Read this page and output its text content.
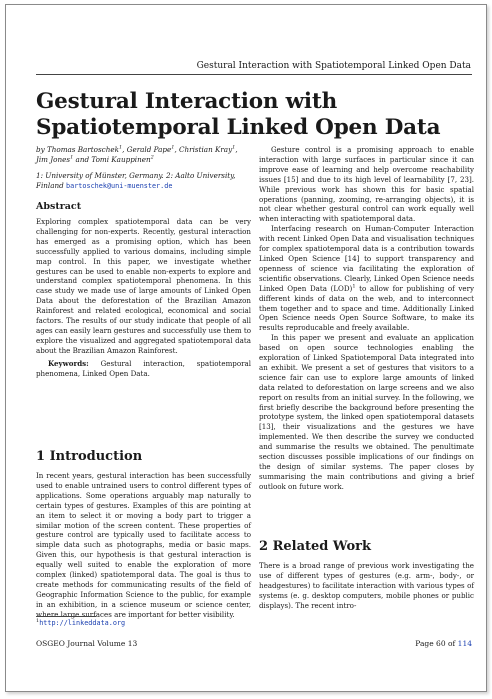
Gestural Interaction with Spatiotemporal Linked Open Data
Gestural Interaction with Spatiotemporal Linked Open Data
by Thomas Bartoschek$^1$, Gerald Pape$^1$, Christian Kray$^1$, Jim Jones$^1$ and Tomi Kauppinen$^2$
1: University of Münster, Germany. 2: Aalto University, Finland bartoschek@uni-muenster.de
Abstract

Exploring complex spatiotemporal data can be very challenging for non-experts. Recently, gestural interaction has emerged as a promising option, which has been successfully applied to various domains, including simple map control. In this paper, we investigate whether gestures can be used to enable non-experts to explore and understand complex spatiotemporal phenomena. In this case study we made use of large amounts of Linked Open Data about the deforestation of the Brazilian Amazon Rainforest and related ecological, economical and social factors. The results of our study indicate that people of all ages can easily learn gestures and successfully use them to explore the visualized and aggregated spatiotemporal data about the Brazilian Amazon Rainforest.

Keywords: Gestural interaction, spatiotemporal phenomena, Linked Open Data.

1 Introduction

In recent years, gestural interaction has been successfully used to enable untrained users to control different types of applications. Some operations arguably map naturally to certain types of gestures. Examples of this are pointing at an item to select it or moving a body part to trigger a similar motion of the screen content. These properties of gesture control are typically used to facilitate access to simple data such as photographs, media or basic maps. Given this, our hypothesis is that gestural interaction is equally well suited to enable the exploration of more complex (linked) spatiotemporal data. The goal is thus to create methods for communicating results of the field of Geographic Information Science to the public, for example in an exhibition, in a science museum or science center, where large surfaces are important for better visibility.

$^1$http://linkeddata.org

Gesture control is a promising approach to enable interaction with large surfaces in particular since it can improve ease of learning and help overcome reachability issues [15] and due to its high level of learnability [7, 23]. While previous work has shown this for basic spatial operations (panning, zooming, re-arranging objects), it is not clear whether gestural control can work equally well when interacting with spatiotemporal data.

Interfacing research on Human-Computer Interaction with recent Linked Open Data and visualisation techniques for complex spatiotemporal data is a contribution towards Linked Open Science [14] to support transparency and openness of science via facilitating the exploration of scientific observations. Clearly, Linked Open Science needs Linked Open Data (LOD)$^1$ to allow for publishing of very different kinds of data on the web, and to interconnect them together and to space and time. Additionally Linked Open Science needs Open Source Software, to make its results reproducable and freely available.

In this paper we present and evaluate an application based on open source technologies enabling the exploration of Linked Spatiotemporal Data integrated into an exhibit. We present a set of gestures that visitors to a science fair can use to explore large amounts of linked data related to deforestation on large screens and we also report on results from an initial survey. In the following, we first briefly describe the background before presenting the prototype system, the linked open spatiotemporal datasets [13], their visualizations and the gestures we have implemented. We then describe the survey we conducted and summarise the results we obtained. The penultimate section discusses possible implications of our findings on the design of similar systems. The paper closes by summarising the main contributions and giving a brief outlook on future work.

2 Related Work

There is a broad range of previous work investigating the use of different types of gestures (e.g. arm-, body-, or headgestures) to facilitate interaction with various types of systems (e. g. desktop computers, mobile phones or public displays). The recent intro-

OSGEO Journal Volume 13	Page 60 of 114
